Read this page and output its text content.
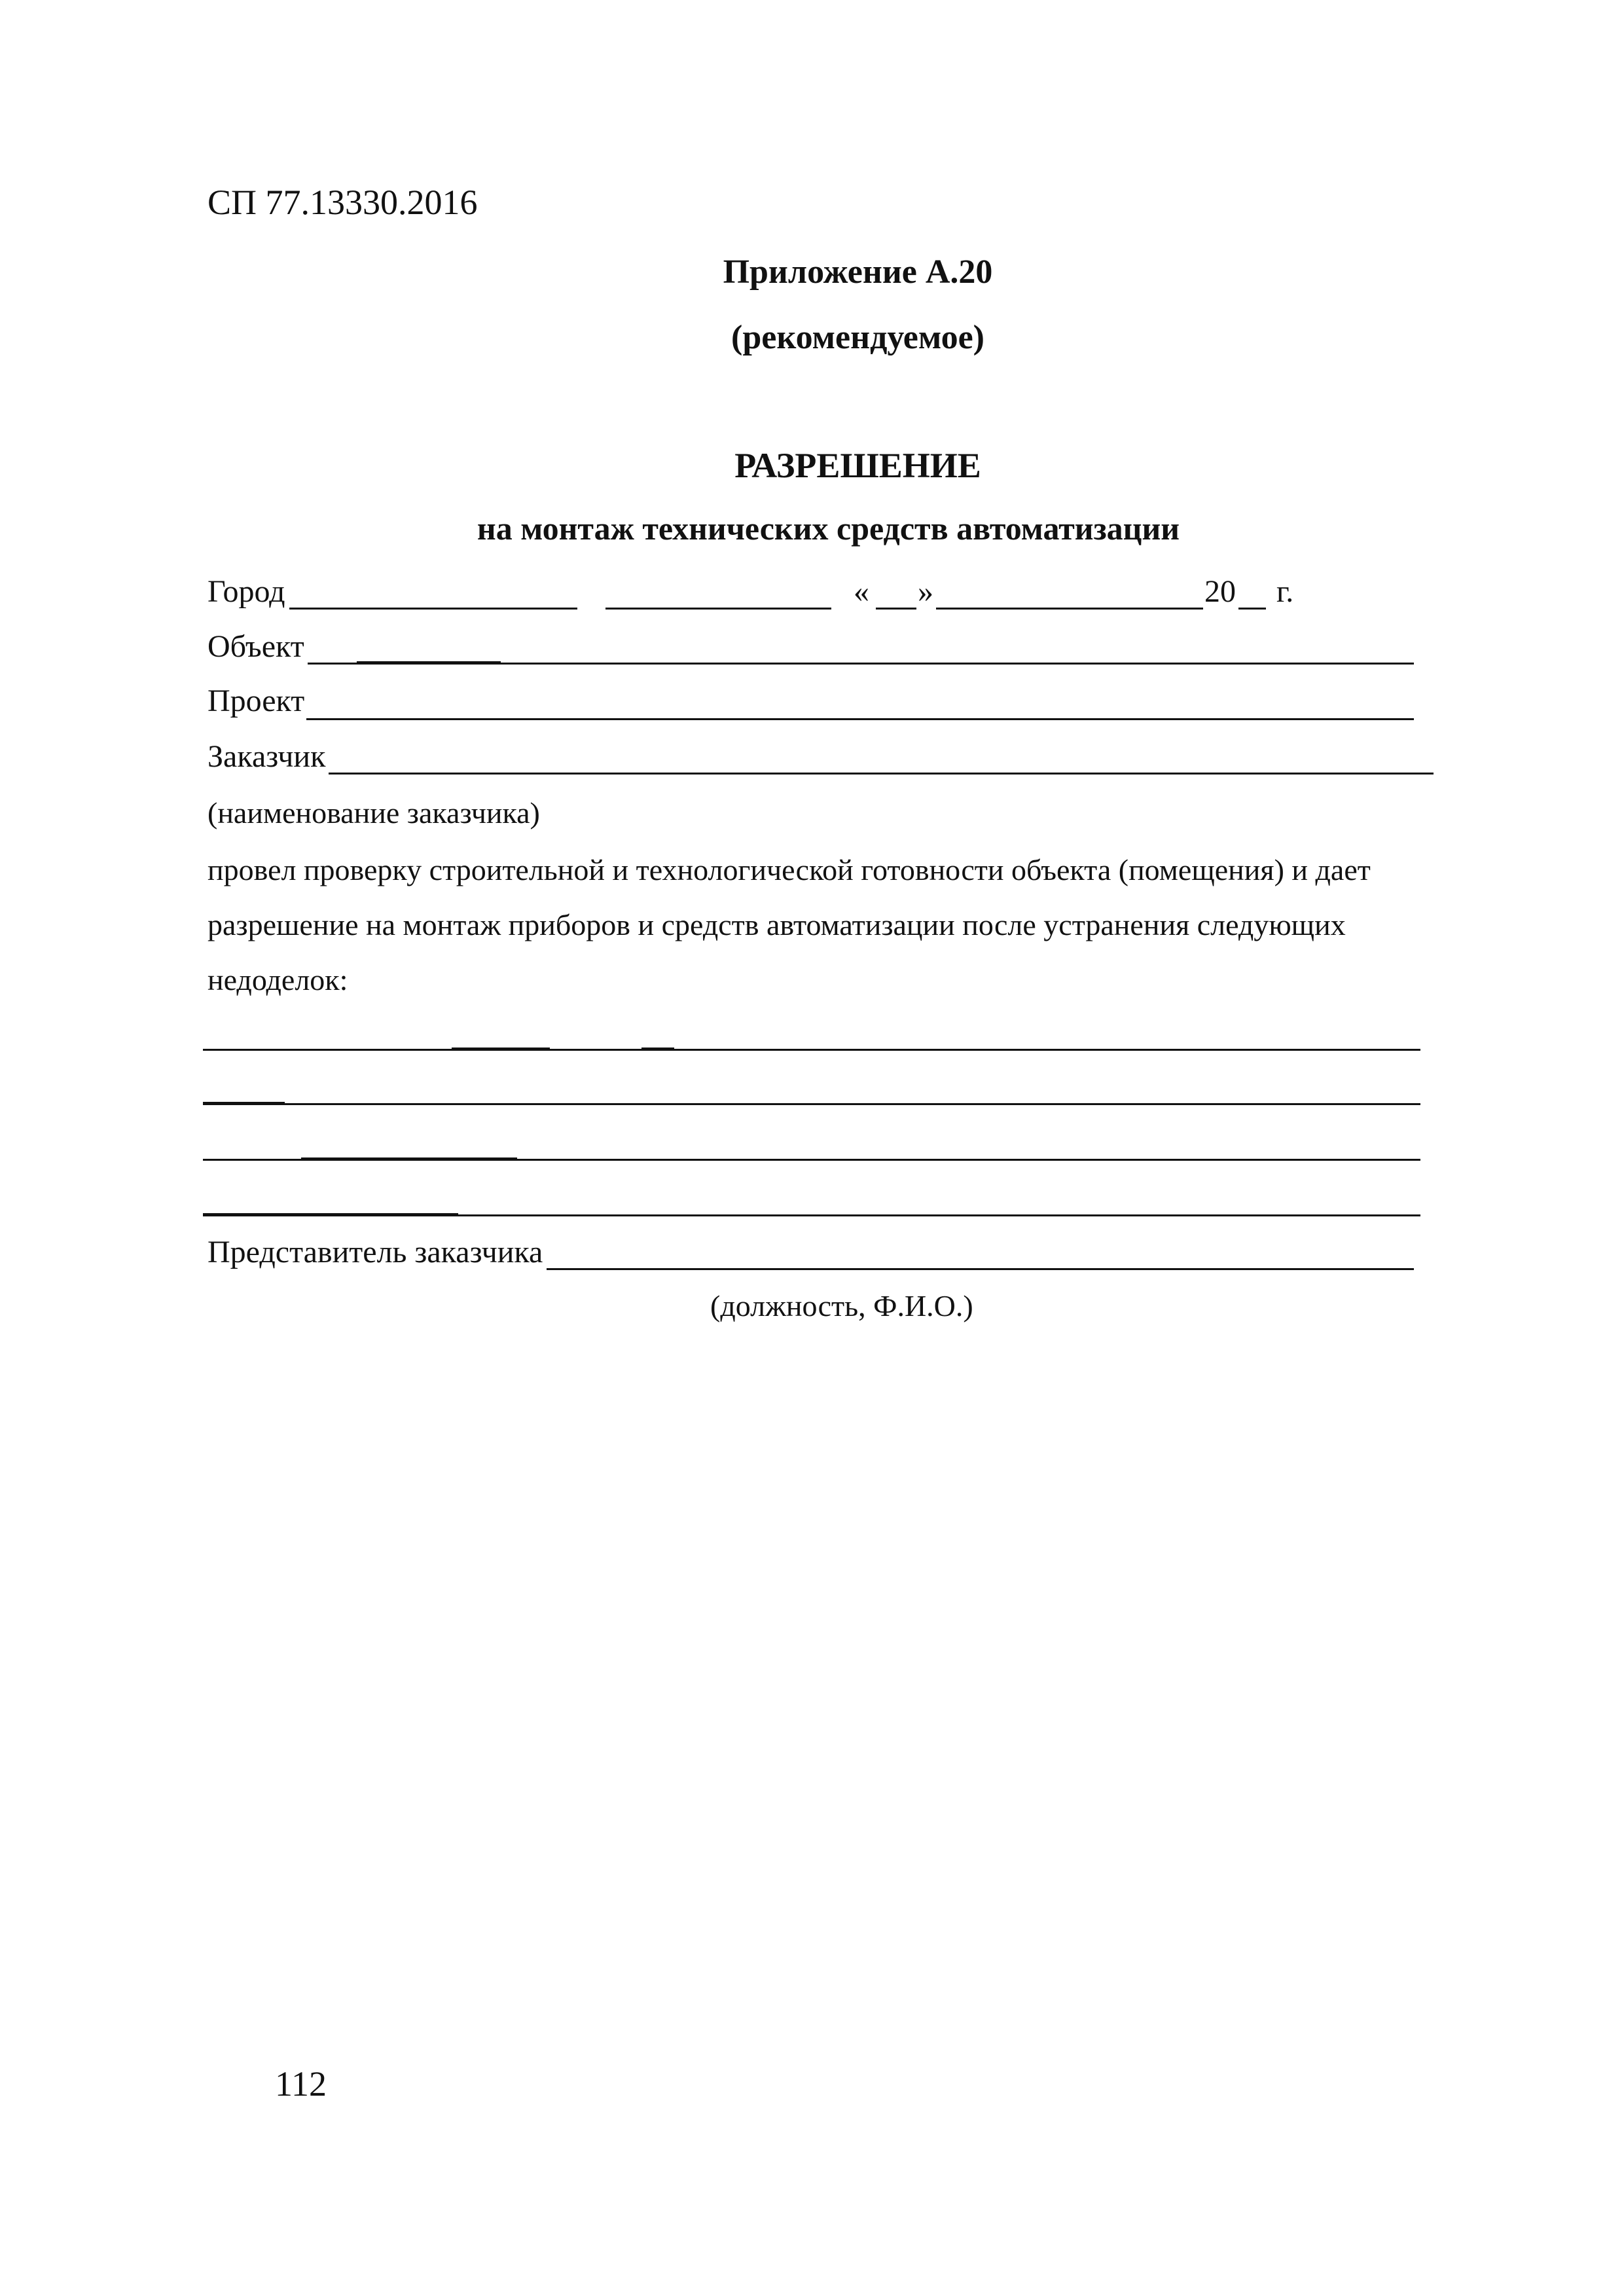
СП 77.13330.2016
Приложение А.20
(рекомендуемое)
РАЗРЕШЕНИЕ
на монтаж технических средств автоматизации
Город	« »	20 г.
Объект
Проект
Заказчик
(наименование заказчика)
провел проверку строительной и технологической готовности объекта (помещения) и дает
разрешение на монтаж приборов и средств автоматизации после устранения следующих
недоделок:
Представитель заказчика
(должность, Ф.И.О.)
112
